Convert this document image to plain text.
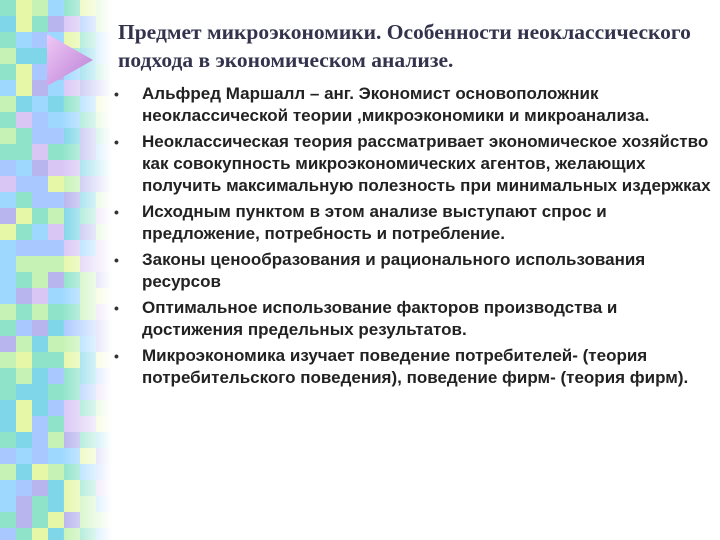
Предмет микроэкономики. Особенности неоклассического подхода в экономическом анализе.
• Альфред Маршалл – анг. Экономист основоположник неоклассической теории ,микроэкономики и микроанализа.
• Неоклассическая теория рассматривает экономическое хозяйство как совокупность микроэкономических агентов, желающих получить максимальную полезность при минимальных издержках
• Исходным пунктом в этом анализе выступают спрос и предложение, потребность и потребление.
• Законы ценообразования и рационального использования ресурсов
• Оптимальное использование факторов производства и достижения предельных результатов.
• Микроэкономика изучает поведение потребителей- (теория потребительского поведения), поведение фирм- (теория фирм).
